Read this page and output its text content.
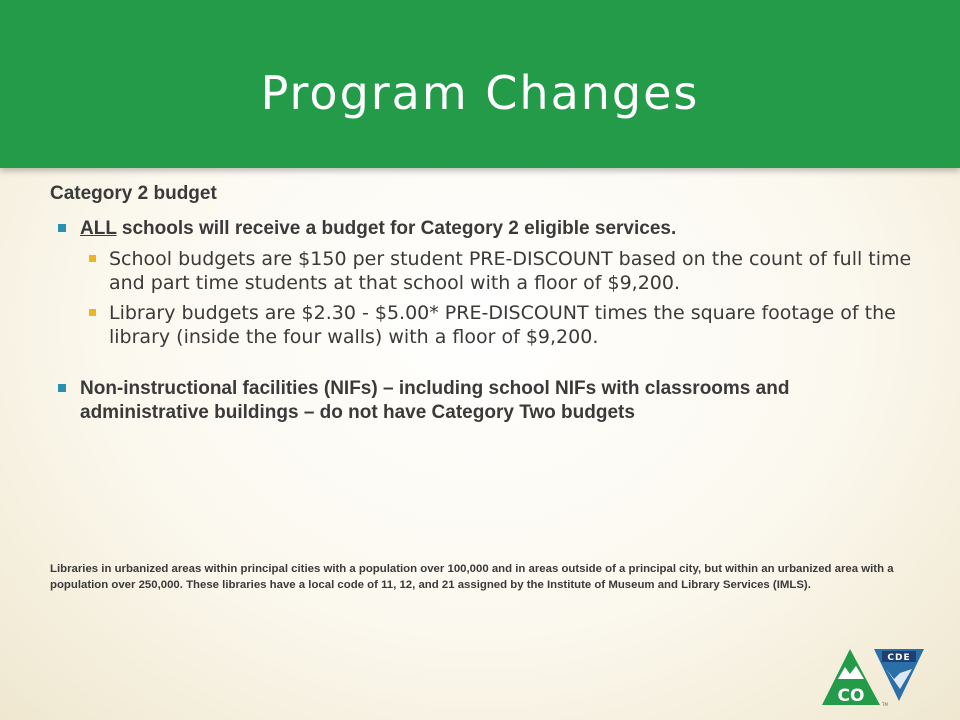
Program Changes
Category 2 budget
ALL schools will receive a budget for Category 2 eligible services.
School budgets are $150 per student PRE-DISCOUNT based on the count of full time and part time students at that school with a floor of $9,200.
Library budgets are $2.30 - $5.00* PRE-DISCOUNT times the square footage of the library (inside the four walls) with a floor of $9,200.
Non-instructional facilities (NIFs) – including school NIFs with classrooms and administrative buildings – do not have Category Two budgets
Libraries in urbanized areas within principal cities with a population over 100,000 and in areas outside of a principal city, but within an urbanized area with a population over 250,000. These libraries have a local code of 11, 12, and 21 assigned by the Institute of Museum and Library Services (IMLS).
CO
CDE
TM
